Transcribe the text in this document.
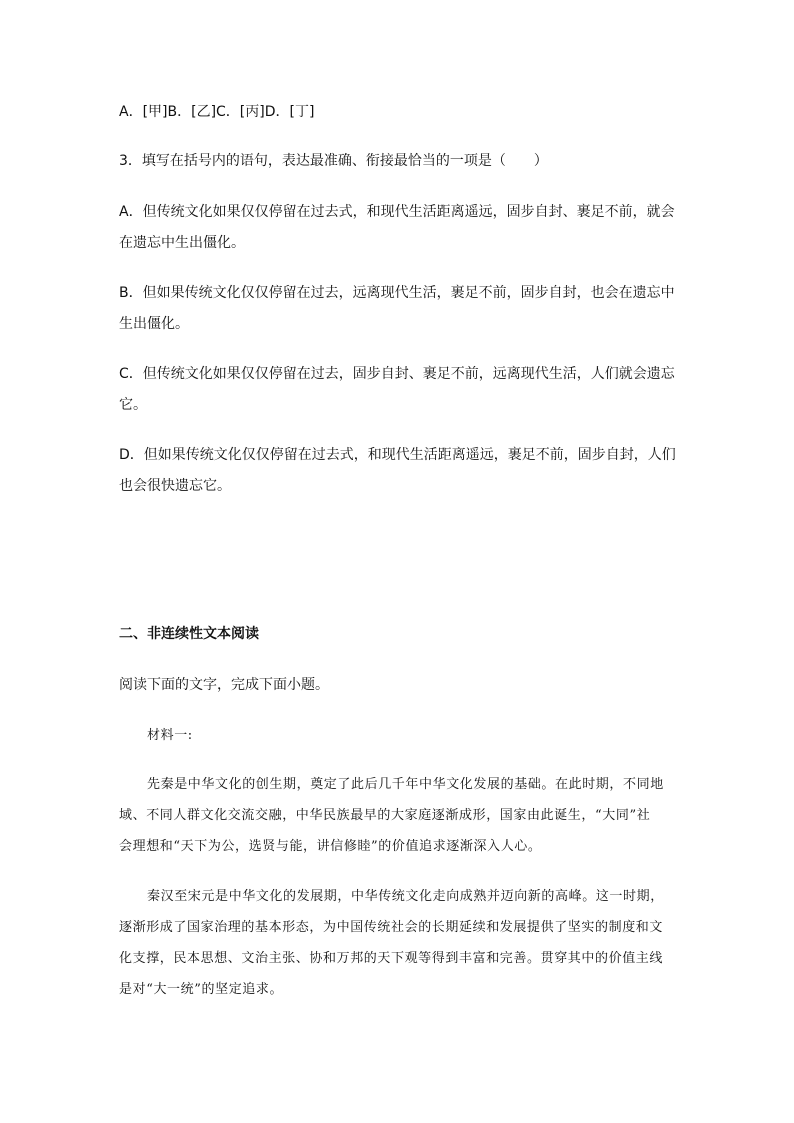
A．[甲]B．[乙]C．[丙]D．[丁]
3．填写在括号内的语句，表达最准确、衔接最恰当的一项是（　　）
A．但传统文化如果仅仅停留在过去式，和现代生活距离遥远，固步自封、裹足不前，就会
在遗忘中生出僵化。
B．但如果传统文化仅仅停留在过去，远离现代生活，裹足不前，固步自封，也会在遗忘中
生出僵化。
C．但传统文化如果仅仅停留在过去，固步自封、裹足不前，远离现代生活，人们就会遗忘
它。
D．但如果传统文化仅仅停留在过去式，和现代生活距离遥远，裹足不前，固步自封，人们
也会很快遗忘它。
二、非连续性文本阅读
阅读下面的文字，完成下面小题。
材料一:
先秦是中华文化的创生期，奠定了此后几千年中华文化发展的基础。在此时期，不同地
域、不同人群文化交流交融，中华民族最早的大家庭逐渐成形，国家由此诞生，“大同”社
会理想和“天下为公，选贤与能，讲信修睦”的价值追求逐渐深入人心。
秦汉至宋元是中华文化的发展期，中华传统文化走向成熟并迈向新的高峰。这一时期，
逐渐形成了国家治理的基本形态，为中国传统社会的长期延续和发展提供了坚实的制度和文
化支撑，民本思想、文治主张、协和万邦的天下观等得到丰富和完善。贯穿其中的价值主线
是对“大一统”的坚定追求。
